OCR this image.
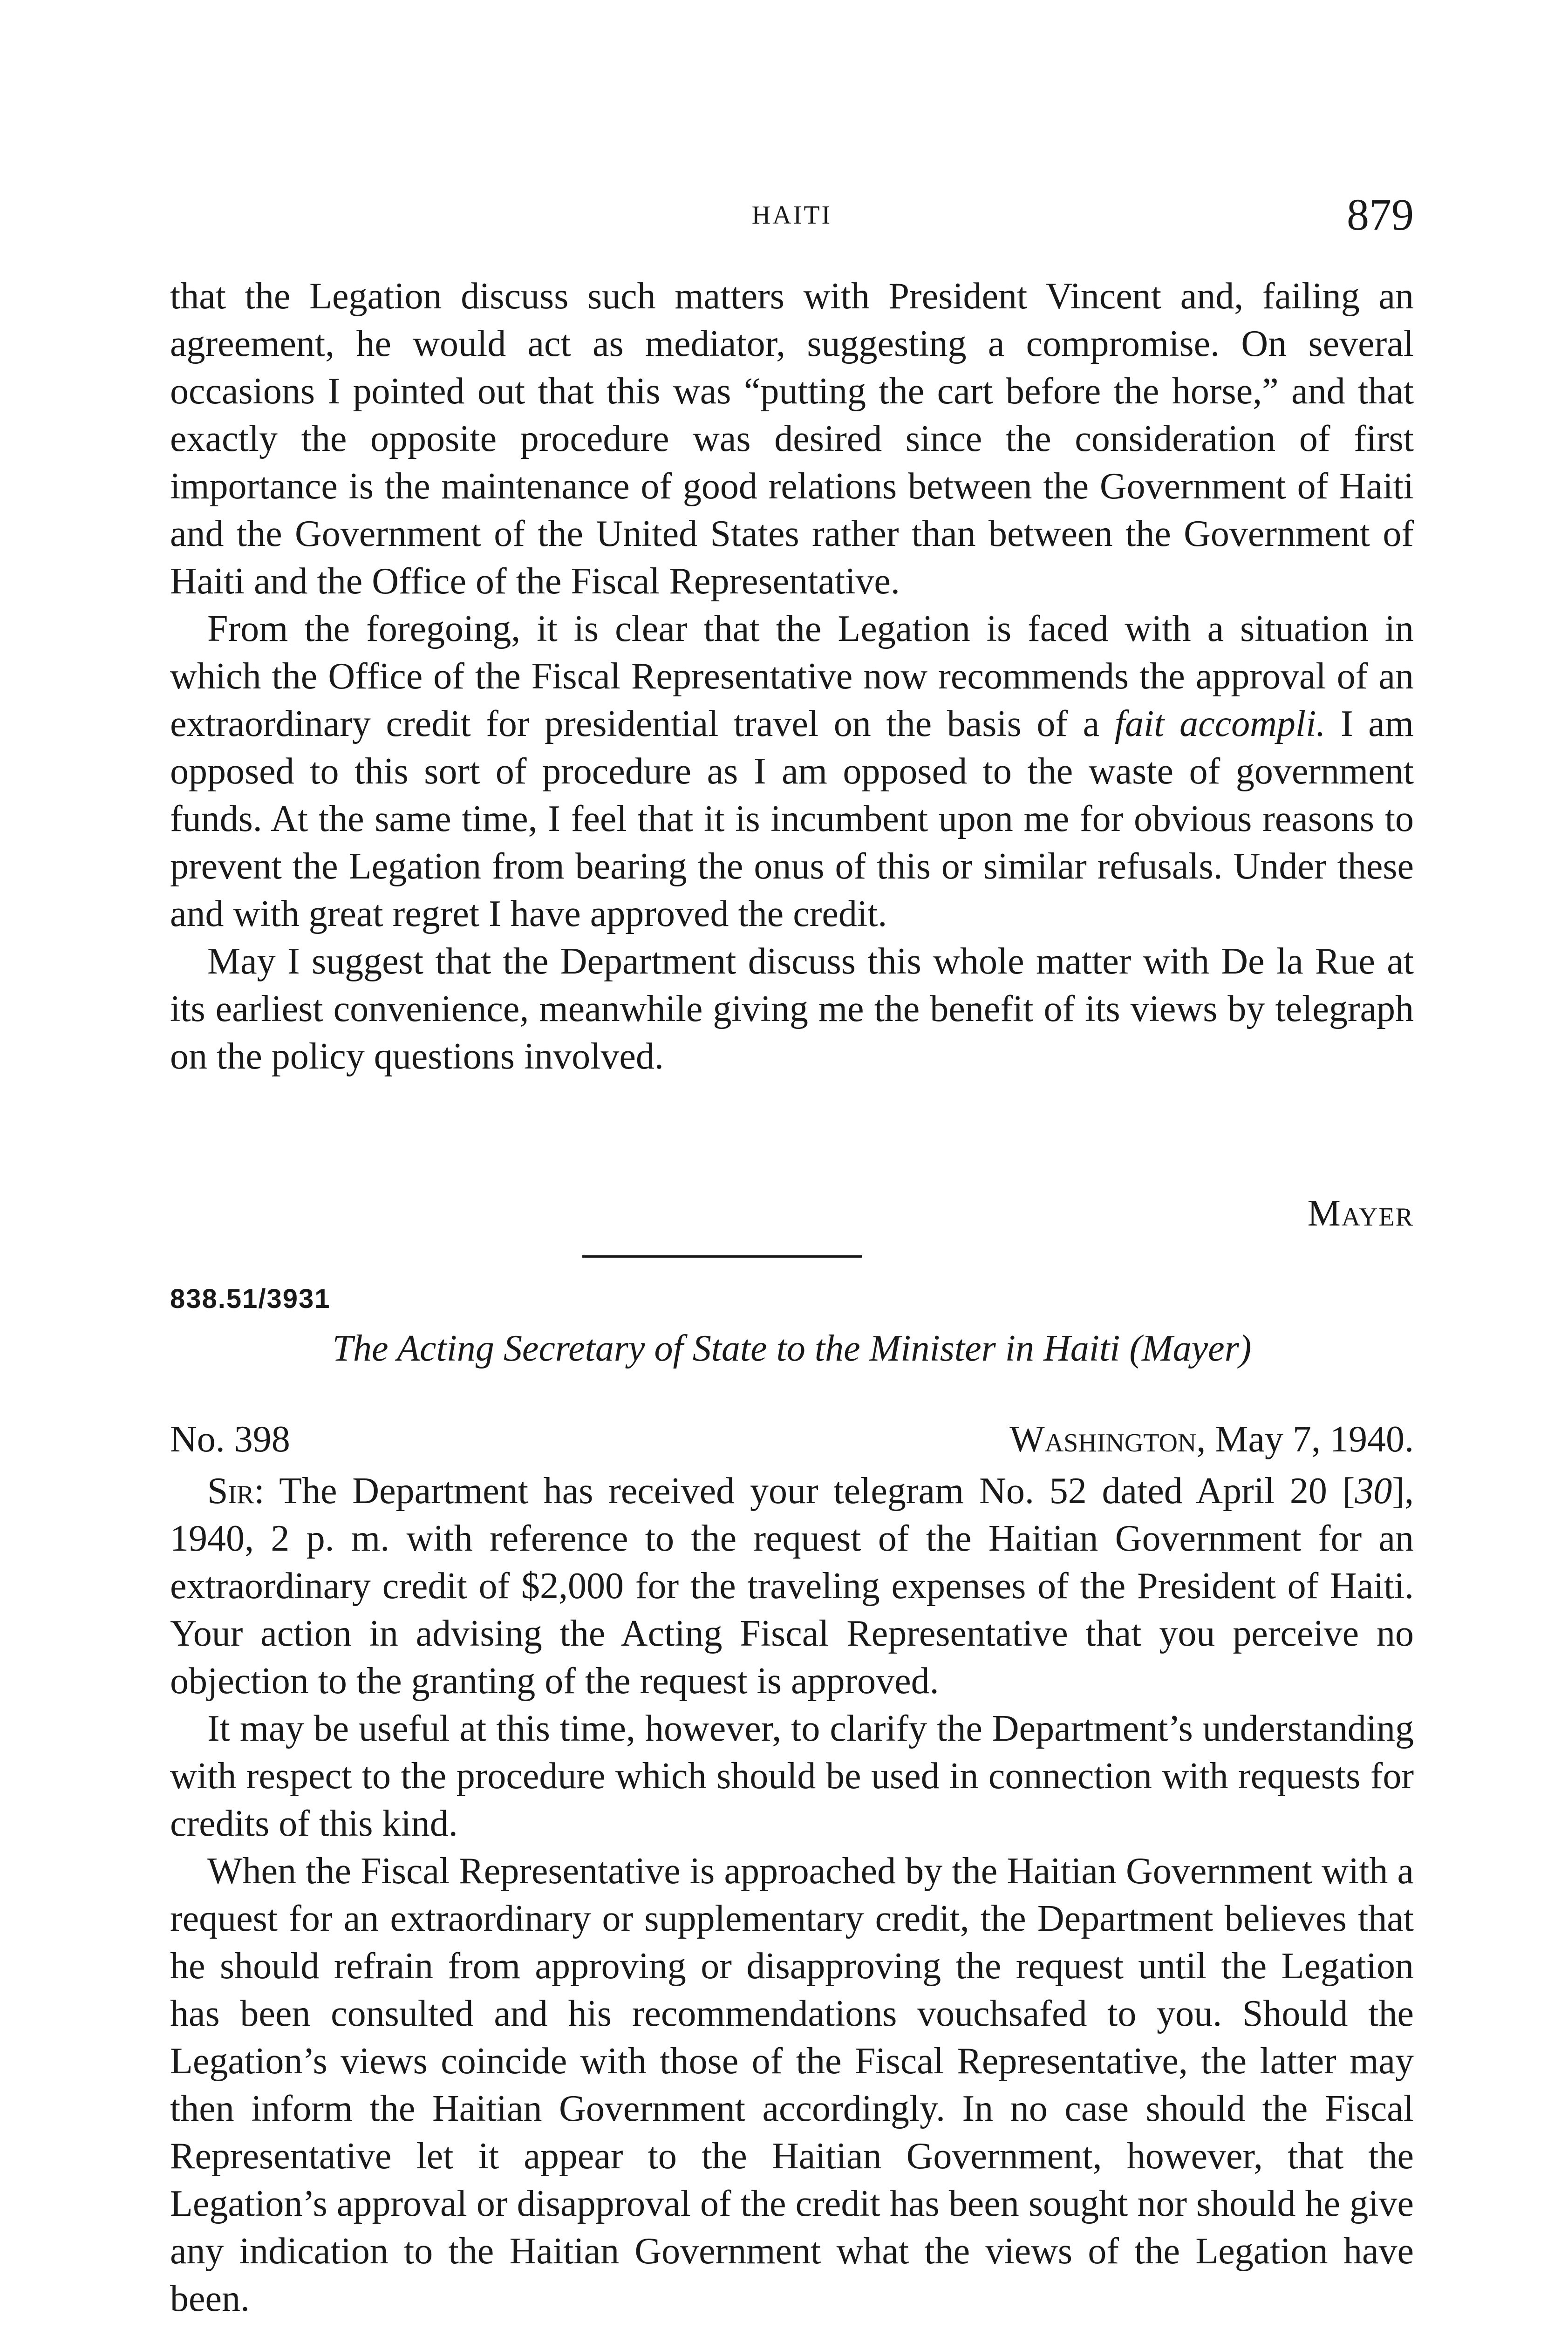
HAITI	879

that the Legation discuss such matters with President Vincent and, failing an agreement, he would act as mediator, suggesting a compromise. On several occasions I pointed out that this was “putting the cart before the horse,” and that exactly the opposite procedure was desired since the consideration of first importance is the maintenance of good relations between the Government of Haiti and the Government of the United States rather than between the Government of Haiti and the Office of the Fiscal Representative.

From the foregoing, it is clear that the Legation is faced with a situation in which the Office of the Fiscal Representative now recommends the approval of an extraordinary credit for presidential travel on the basis of a fait accompli. I am opposed to this sort of procedure as I am opposed to the waste of government funds. At the same time, I feel that it is incumbent upon me for obvious reasons to prevent the Legation from bearing the onus of this or similar refusals. Under these and with great regret I have approved the credit.

May I suggest that the Department discuss this whole matter with De la Rue at its earliest convenience, meanwhile giving me the benefit of its views by telegraph on the policy questions involved.

Mayer
838.51/3931
The Acting Secretary of State to the Minister in Haiti (Mayer)
No. 398	Washington, May 7, 1940.

Sir: The Department has received your telegram No. 52 dated April 20 [30], 1940, 2 p. m. with reference to the request of the Haitian Government for an extraordinary credit of $2,000 for the traveling expenses of the President of Haiti. Your action in advising the Acting Fiscal Representative that you perceive no objection to the granting of the request is approved.

It may be useful at this time, however, to clarify the Department’s understanding with respect to the procedure which should be used in connection with requests for credits of this kind.

When the Fiscal Representative is approached by the Haitian Government with a request for an extraordinary or supplementary credit, the Department believes that he should refrain from approving or disapproving the request until the Legation has been consulted and his recommendations vouchsafed to you. Should the Legation’s views coincide with those of the Fiscal Representative, the latter may then inform the Haitian Government accordingly. In no case should the Fiscal Representative let it appear to the Haitian Government, however, that the Legation’s approval or disapproval of the credit has been sought nor should he give any indication to the Haitian Government what the views of the Legation have been.
